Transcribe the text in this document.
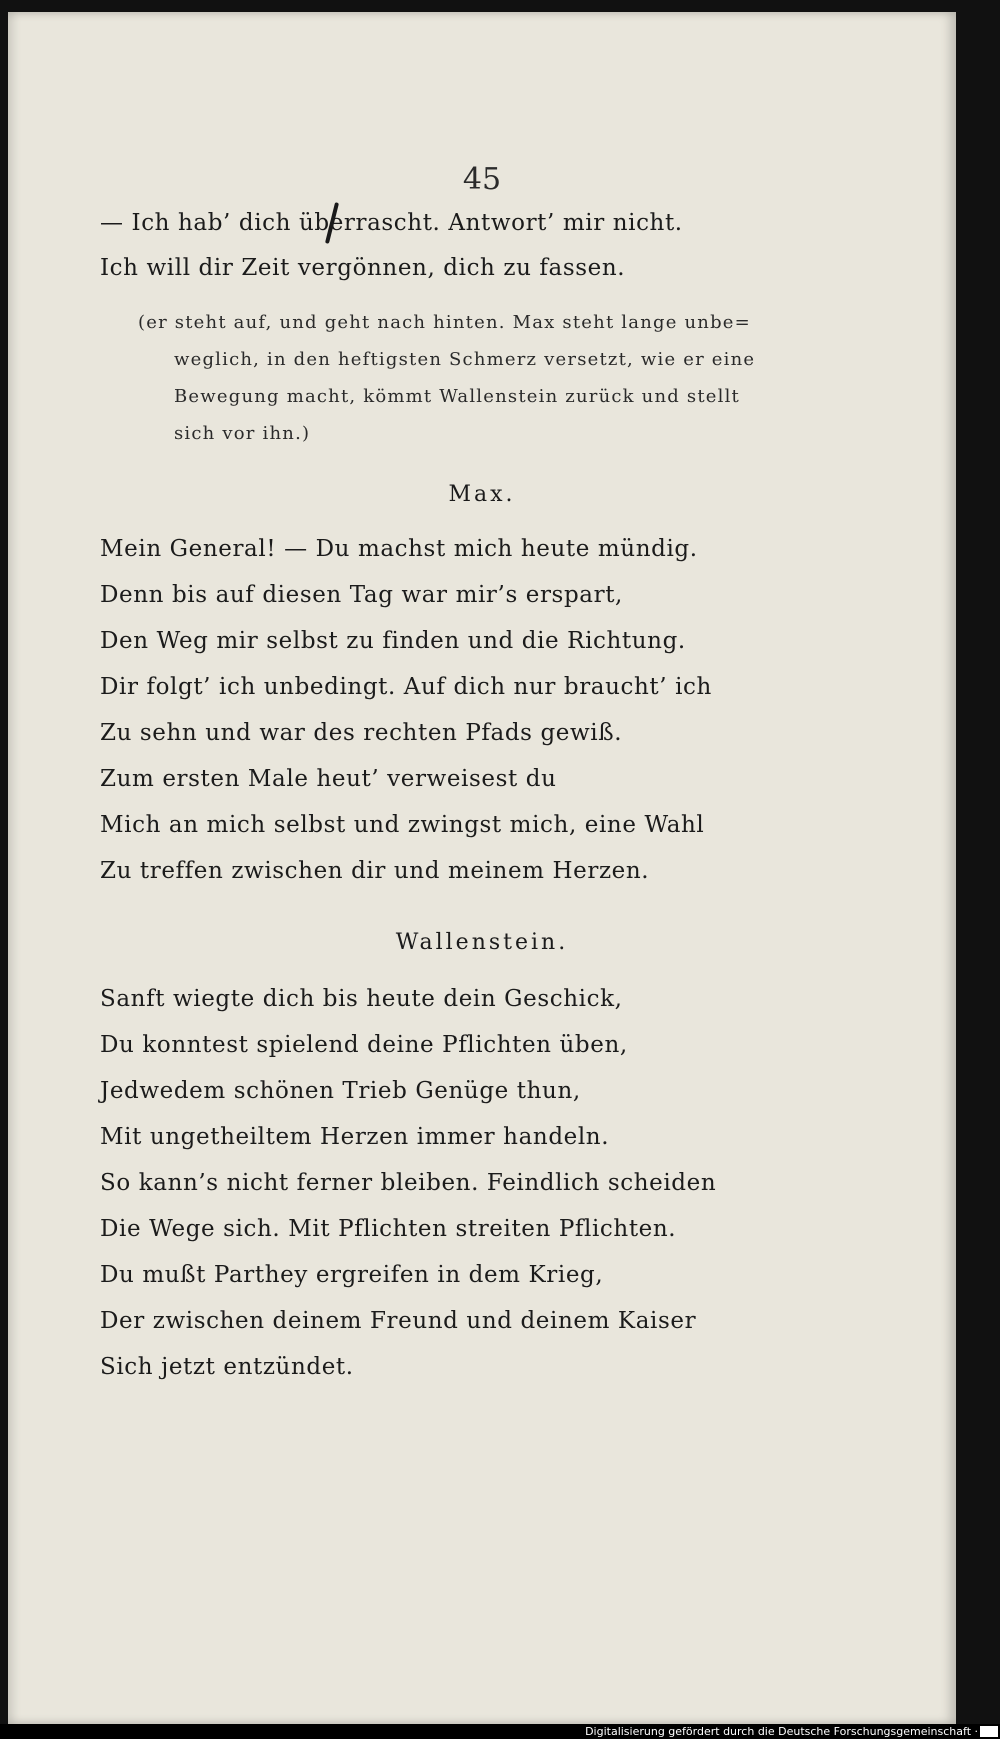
45
— Ich hab’ dich überrascht. Antwort’ mir nicht.
Ich will dir Zeit vergönnen, dich zu fassen.
(er steht auf, und geht nach hinten. Max steht lange unbe=
weglich, in den heftigsten Schmerz versetzt, wie er eine
Bewegung macht, kömmt Wallenstein zurück und stellt
sich vor ihn.)
Max.
Mein General! — Du machst mich heute mündig.
Denn bis auf diesen Tag war mir’s erspart,
Den Weg mir selbst zu finden und die Richtung.
Dir folgt’ ich unbedingt. Auf dich nur braucht’ ich
Zu sehn und war des rechten Pfads gewiß.
Zum ersten Male heut’ verweisest du
Mich an mich selbst und zwingst mich, eine Wahl
Zu treffen zwischen dir und meinem Herzen.
Wallenstein.
Sanft wiegte dich bis heute dein Geschick,
Du konntest spielend deine Pflichten üben,
Jedwedem schönen Trieb Genüge thun,
Mit ungetheiltem Herzen immer handeln.
So kann’s nicht ferner bleiben. Feindlich scheiden
Die Wege sich. Mit Pflichten streiten Pflichten.
Du mußt Parthey ergreifen in dem Krieg,
Der zwischen deinem Freund und deinem Kaiser
Sich jetzt entzündet.
Digitalisierung gefördert durch die Deutsche Forschungsgemeinschaft ·
